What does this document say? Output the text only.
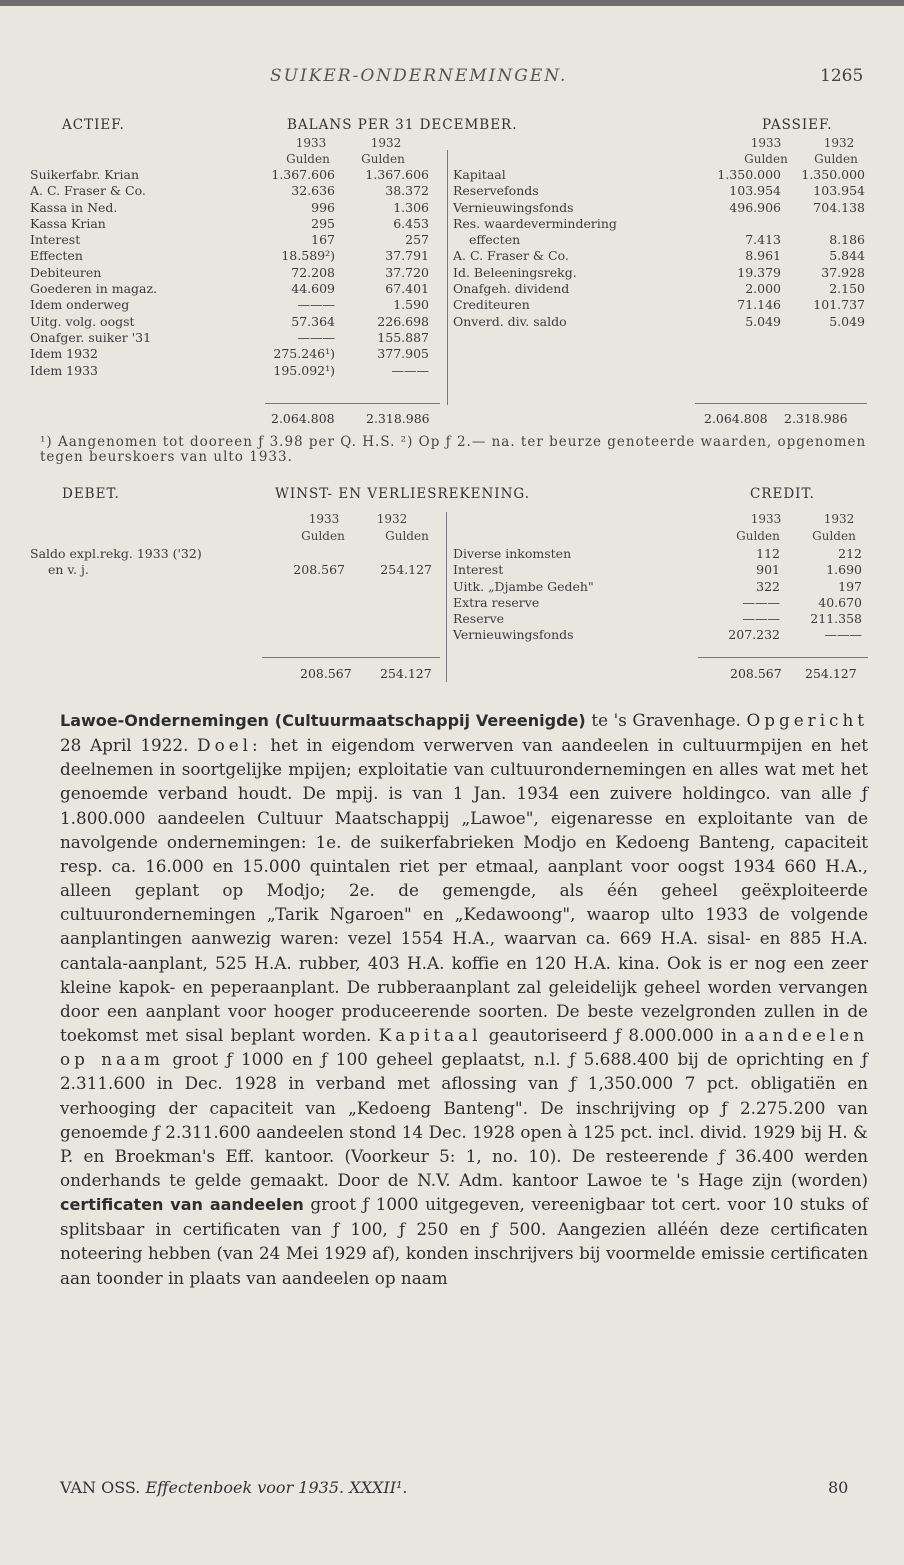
SUIKER-ONDERNEMINGEN.	1265
ACTIEF.	BALANS PER 31 DECEMBER.	PASSIEF.
1933	1932
Gulden	Gulden
1933	1932
Gulden	Gulden
Suikerfabr. Krian	1.367.606 1.367.606
A. C. Fraser & Co.	32.636	38.372
Kassa in Ned.	996	1.306
Kassa Krian	295	6.453
Interest	167	257
Effecten	18.589²)	37.791
Debiteuren	72.208	37.720
Goederen in magaz.	44.609	67.401
Idem onderweg	———	1.590
Uitg. volg. oogst	57.364	226.698
Onafger. suiker '31	———	155.887
Idem 1932	275.246¹)	377.905
Idem 1933	195.092¹)	———
Kapitaal	1.350.000 1.350.000
Reservefonds	103.954	103.954
Vernieuwingsfonds	496.906	704.138
Res. waardevermindering
effecten	7.413	8.186
A. C. Fraser & Co.	8.961	5.844
Id. Beleeningsrekg.	19.379	37.928
Onafgeh. dividend	2.000	2.150
Crediteuren	71.146	101.737
Onverd. div. saldo	5.049	5.049
2.064.808	2.318.986	2.064.808 2.318.986
¹) Aangenomen tot dooreen ƒ 3.98 per Q. H.S. ²) Op ƒ 2.— na. ter beurze genoteerde waarden, opgenomen tegen beurskoers van ulto 1933.
DEBET.	WINST- EN VERLIESREKENING.	CREDIT.
1933	1932
Gulden	Gulden
1933	1932
Gulden	Gulden
Saldo expl.rekg. 1933 ('32)
en v. j.	208.567	254.127
Diverse inkomsten	112	212
Interest	901	1.690
Uitk. „Djambe Gedeh"	322	197
Extra reserve	———	40.670
Reserve	——— 211.358
Vernieuwingsfonds	207.232	———
208.567 254.127	208.567 254.127
Lawoe-Ondernemingen (Cultuurmaatschappij Vereenigde) te 's Gravenhage. Opgericht 28 April 1922. Doel: het in eigendom verwerven van aandeelen in cultuurmpijen en het deelnemen in soortgelijke mpijen; exploitatie van cultuurondernemingen en alles wat met het genoemde verband houdt. De mpij. is van 1 Jan. 1934 een zuivere holdingco. van alle ƒ 1.800.000 aandeelen Cultuur Maatschappij „Lawoe", eigenaresse en exploitante van de navolgende ondernemingen: 1e. de suikerfabrieken Modjo en Kedoeng Banteng, capaciteit resp. ca. 16.000 en 15.000 quintalen riet per etmaal, aanplant voor oogst 1934 660 H.A., alleen geplant op Modjo; 2e. de gemengde, als één geheel geëxploiteerde cultuurondernemingen „Tarik Ngaroen" en „Kedawoong", waarop ulto 1933 de volgende aanplantingen aanwezig waren: vezel 1554 H.A., waarvan ca. 669 H.A. sisal- en 885 H.A. cantala-aanplant, 525 H.A. rubber, 403 H.A. koffie en 120 H.A. kina. Ook is er nog een zeer kleine kapok- en peperaanplant. De rubberaanplant zal geleidelijk geheel worden vervangen door een aanplant voor hooger produceerende soorten. De beste vezelgronden zullen in de toekomst met sisal beplant worden. Kapitaal geautoriseerd ƒ 8.000.000 in aandeelen op naam groot ƒ 1000 en ƒ 100 geheel geplaatst, n.l. ƒ 5.688.400 bij de oprichting en ƒ 2.311.600 in Dec. 1928 in verband met aflossing van ƒ 1,350.000 7 pct. obligatiën en verhooging der capaciteit van „Kedoeng Banteng". De inschrijving op ƒ 2.275.200 van genoemde ƒ 2.311.600 aandeelen stond 14 Dec. 1928 open à 125 pct. incl. divid. 1929 bij H. & P. en Broekman's Eff. kantoor. (Voorkeur 5: 1, no. 10). De resteerende ƒ 36.400 werden onderhands te gelde gemaakt. Door de N.V. Adm. kantoor Lawoe te 's Hage zijn (worden) certificaten van aandeelen groot ƒ 1000 uitgegeven, vereenigbaar tot cert. voor 10 stuks of splitsbaar in certificaten van ƒ 100, ƒ 250 en ƒ 500. Aangezien alléén deze certificaten noteering hebben (van 24 Mei 1929 af), konden inschrijvers bij voormelde emissie certificaten aan toonder in plaats van aandeelen op naam
VAN OSS. Effectenboek voor 1935. XXXII¹.	80
